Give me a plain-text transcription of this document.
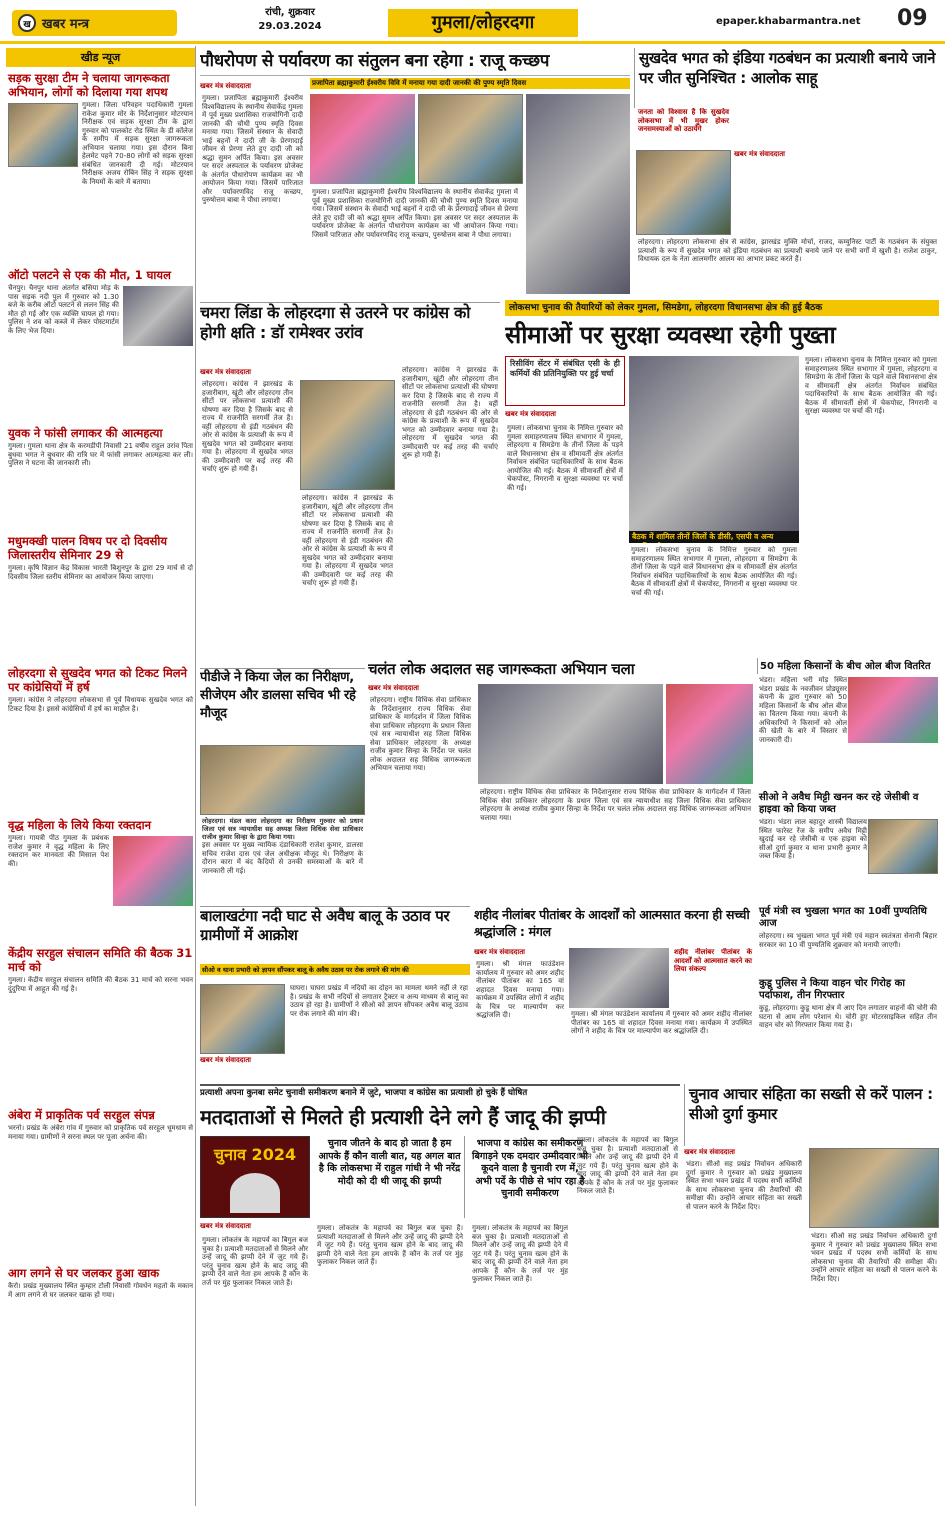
ख खबर मन्त्र
रांची, शुक्रवार
29.03.2024	गुमला/लोहरदगा	epaper.khabarmantra.net	09
खीड न्यूज
सड़क सुरक्षा टीम ने चलाया जागरूकता अभियान, लोगों को दिलाया गया शपथ
गुमला। जिला परिवहन पदाधिकारी गुमला राकेश कुमार मोर के निर्देशानुसार मोटरयान निरीक्षक एवं सड़क सुरक्षा टीम के द्वारा गुरुवार को पालकोट रोड स्थित के डी कॉलेज के समीप में सड़क सुरक्षा जागरूकता अभियान चलाया गया। इस दौरान बिना हेलमेट पहने 70-80 लोगों को सड़क सुरक्षा संबंधित जानकारी दी गई। मोटरयान निरीक्षक अजय रोबिन सिंह ने सड़क सुरक्षा के नियमों के बारे में बताया।
ऑटो पलटने से एक की मौत, 1 घायल
चैनपुर। चैनपुर थाना अंतर्गत बसिया मोड़ के पास सड़क नदी पुल में गुरुवार को 1.30 बजे के करीब ऑटो पलटने से ललन सिंह की मौत हो गई और एक व्यक्ति घायल हो गया। पुलिस ने शव को कब्जे में लेकर पोस्टमार्टम के लिए भेज दिया।
युवक ने फांसी लगाकर की आत्महत्या
गुमला। गुमला थाना क्षेत्र के करमडीपी निवासी 21 वर्षीय राहुल उरांव पिता बुधवा भगत ने बुधवार की रात्रि घर में फांसी लगाकर आत्महत्या कर ली। पुलिस ने घटना की जानकारी ली।
मधुमक्खी पालन विषय पर दो दिवसीय जिलास्तरीय सेमिनार 29 से
गुमला। कृषि विज्ञान केंद्र विकास भारती बिशुनपुर के द्वारा 29 मार्च से दो दिवसीय जिला स्तरीय सेमिनार का आयोजन किया जाएगा।
लोहरदगा से सुखदेव भगत को टिकट मिलने पर कांग्रेसियों में हर्ष
गुमला। कांग्रेस ने लोहरदगा लोकसभा से पूर्व विधायक सुखदेव भगत को टिकट दिया है। इससे कांग्रेसियों में हर्ष का माहौल है।
वृद्ध महिला के लिये किया रक्तदान
गुमला। गायत्री पीठ गुमला के प्रबंधक राजेश कुमार ने वृद्ध महिला के लिए रक्तदान कर मानवता की मिसाल पेश की।
केंद्रीय सरहुल संचालन समिति की बैठक 31 मार्च को
गुमला। केंद्रीय सरहुल संचालन समिति की बैठक 31 मार्च को सरना भवन दुंदुरिया में आहूत की गई है।
अंबेरा में प्राकृतिक पर्व सरहुल संपन्न
भरनो। प्रखंड के अंबेरा गांव में गुरुवार को प्राकृतिक पर्व सरहुल धूमधाम से मनाया गया। ग्रामीणों ने सरना स्थल पर पूजा अर्चना की।
आग लगने से घर जलकर हुआ खाक
कैरो। प्रखंड मुख्यालय स्थित कुम्हार टोली निवासी गोवर्धन महतो के मकान में आग लगने से घर जलकर खाक हो गया।
पौधरोपण से पर्यावरण का संतुलन बना रहेगा : राजू कच्छप
खबर मंत्र संवाददाता
गुमला। प्रजापिता ब्रह्माकुमारी ईश्वरीय विश्वविद्यालय के स्थानीय सेवाकेंद्र गुमला में पूर्व मुख्य प्रशासिका राजयोगिनी दादी जानकी की चौथी पुण्य स्मृति दिवस मनाया गया। जिसमें संस्थान के सेवादी भाई बहनों ने दादी जी के प्रेरणादाई जीवन से प्रेरणा लेते हुए दादी जी को श्रद्धा सुमन अर्पित किया। इस अवसर पर सदर अस्पताल के पर्यावरण प्रोजेक्ट के अंतर्गत पौधारोपण कार्यक्रम का भी आयोजन किया गया। जिसमें पारिजात और पर्यावरणविद राजू कच्छप, पुरुषोत्तम बाबा ने पौधा लगाया।
प्रजापिता ब्रह्माकुमारी ईश्वरीय विवि में मनाया गया दादी जानकी की पुण्य स्मृति दिवस
गुमला। प्रजापिता ब्रह्माकुमारी ईश्वरीय विश्वविद्यालय के स्थानीय सेवाकेंद्र गुमला में पूर्व मुख्य प्रशासिका राजयोगिनी दादी जानकी की चौथी पुण्य स्मृति दिवस मनाया गया। जिसमें संस्थान के सेवादी भाई बहनों ने दादी जी के प्रेरणादाई जीवन से प्रेरणा लेते हुए दादी जी को श्रद्धा सुमन अर्पित किया। इस अवसर पर सदर अस्पताल के पर्यावरण प्रोजेक्ट के अंतर्गत पौधारोपण कार्यक्रम का भी आयोजन किया गया। जिसमें पारिजात और पर्यावरणविद राजू कच्छप, पुरुषोत्तम बाबा ने पौधा लगाया।
सुखदेव भगत को इंडिया गठबंधन का प्रत्याशी बनाये जाने पर जीत सुनिश्चित : आलोक साहू
जनता को विश्वास है कि सुखदेव लोकसभा में भी मुखर होकर जनसमस्याओं को उठायेंगे
खबर मंत्र संवाददाता
लोहरदगा। लोहरदगा लोकसभा क्षेत्र से कांग्रेस, झारखंड मुक्ति मोर्चा, राजद, कम्युनिस्ट पार्टी के गठबंधन के संयुक्त प्रत्याशी के रूप में सुखदेव भगत को इंडिया गठबंधन का प्रत्याशी बनाये जाने पर सभी वर्गों में खुशी है। राजेश ठाकुर, विधायक दल के नेता आलमगीर आलम का आभार प्रकट करते हैं।
लोकसभा चुनाव की तैयारियों को लेकर गुमला, सिमडेगा, लोहरदगा विधानसभा क्षेत्र की हुई बैठक
चमरा लिंडा के लोहरदगा से उतरने पर कांग्रेस को होगी क्षति : डॉ रामेश्वर उरांव
खबर मंत्र संवाददाता
लोहरदगा। कांग्रेस ने झारखंड के हजारीबाग, खूंटी और लोहरदगा तीन सीटों पर लोकसभा प्रत्याशी की घोषणा कर दिया है जिसके बाद से राज्य में राजनीति सरगर्मी तेज है। वहीं लोहरदगा से इंडी गठबंधन की ओर से कांग्रेस के प्रत्याशी के रूप में सुखदेव भगत को उम्मीदवार बनाया गया है। लोहरदगा में सुखदेव भगत की उम्मीदवारी पर कई तरह की चर्चाएं शुरू हो गयी हैं।
लोहरदगा। कांग्रेस ने झारखंड के हजारीबाग, खूंटी और लोहरदगा तीन सीटों पर लोकसभा प्रत्याशी की घोषणा कर दिया है जिसके बाद से राज्य में राजनीति सरगर्मी तेज है। वहीं लोहरदगा से इंडी गठबंधन की ओर से कांग्रेस के प्रत्याशी के रूप में सुखदेव भगत को उम्मीदवार बनाया गया है। लोहरदगा में सुखदेव भगत की उम्मीदवारी पर कई तरह की चर्चाएं शुरू हो गयी हैं।
लोहरदगा। कांग्रेस ने झारखंड के हजारीबाग, खूंटी और लोहरदगा तीन सीटों पर लोकसभा प्रत्याशी की घोषणा कर दिया है जिसके बाद से राज्य में राजनीति सरगर्मी तेज है। वहीं लोहरदगा से इंडी गठबंधन की ओर से कांग्रेस के प्रत्याशी के रूप में सुखदेव भगत को उम्मीदवार बनाया गया है। लोहरदगा में सुखदेव भगत की उम्मीदवारी पर कई तरह की चर्चाएं शुरू हो गयी हैं।
सीमाओं पर सुरक्षा व्यवस्था रहेगी पुख्ता
रिसीविंग सेंटर में संबंधित एसी के ही कर्मियों की प्रतिनियुक्ति पर हुई चर्चा
बैठक में शामिल तीनों जिलों के डीसी, एसपी व अन्य
खबर मंत्र संवाददाता
गुमला। लोकसभा चुनाव के निमित्त गुरुवार को गुमला समाहरणालय स्थित सभागार में गुमला, लोहरदगा व सिमडेगा के तीनों जिला के पड़ने वाले विधानसभा क्षेत्र व सीमावर्ती क्षेत्र अंतर्गत निर्वाचन संबंधित पदाधिकारियों के साथ बैठक आयोजित की गई। बैठक में सीमावर्ती क्षेत्रों में चेकपोस्ट, निगरानी व सुरक्षा व्यवस्था पर चर्चा की गई।
गुमला। लोकसभा चुनाव के निमित्त गुरुवार को गुमला समाहरणालय स्थित सभागार में गुमला, लोहरदगा व सिमडेगा के तीनों जिला के पड़ने वाले विधानसभा क्षेत्र व सीमावर्ती क्षेत्र अंतर्गत निर्वाचन संबंधित पदाधिकारियों के साथ बैठक आयोजित की गई। बैठक में सीमावर्ती क्षेत्रों में चेकपोस्ट, निगरानी व सुरक्षा व्यवस्था पर चर्चा की गई।
गुमला। लोकसभा चुनाव के निमित्त गुरुवार को गुमला समाहरणालय स्थित सभागार में गुमला, लोहरदगा व सिमडेगा के तीनों जिला के पड़ने वाले विधानसभा क्षेत्र व सीमावर्ती क्षेत्र अंतर्गत निर्वाचन संबंधित पदाधिकारियों के साथ बैठक आयोजित की गई। बैठक में सीमावर्ती क्षेत्रों में चेकपोस्ट, निगरानी व सुरक्षा व्यवस्था पर चर्चा की गई।
पीडीजे ने किया जेल का निरीक्षण, सीजेएम और डालसा सचिव भी रहे मौजूद
लोहरदगा। मंडल कारा लोहरदगा का निरीक्षण गुरुवार को प्रधान जिला एवं सत्र न्यायाधीश सह अध्यक्ष जिला विधिक सेवा प्राधिकार राजीव कुमार सिन्हा के द्वारा किया गया।
इस अवसर पर मुख्य न्यायिक दंडाधिकारी राजेश कुमार, डालसा सचिव राजेश दास एवं जेल अधीक्षक मौजूद थे। निरीक्षण के दौरान कारा में बंद कैदियों से उनकी समस्याओं के बारे में जानकारी ली गई।
चलंत लोक अदालत सह जागरूकता अभियान चला
खबर मंत्र संवाददाता
लोहरदगा। राष्ट्रीय विधिक सेवा प्राधिकार के निर्देशानुसार राज्य विधिक सेवा प्राधिकार के मार्गदर्शन में जिला विधिक सेवा प्राधिकार लोहरदगा के प्रधान जिला एवं सत्र न्यायाधीश सह जिला विधिक सेवा प्राधिकार लोहरदगा के अध्यक्ष राजीव कुमार सिन्हा के निर्देश पर चलंत लोक अदालत सह विधिक जागरूकता अभियान चलाया गया।
लोहरदगा। राष्ट्रीय विधिक सेवा प्राधिकार के निर्देशानुसार राज्य विधिक सेवा प्राधिकार के मार्गदर्शन में जिला विधिक सेवा प्राधिकार लोहरदगा के प्रधान जिला एवं सत्र न्यायाधीश सह जिला विधिक सेवा प्राधिकार लोहरदगा के अध्यक्ष राजीव कुमार सिन्हा के निर्देश पर चलंत लोक अदालत सह विधिक जागरूकता अभियान चलाया गया।
50 महिला किसानों के बीच ओल बीज वितरित
भंडरा। महिला भरी मोड़ स्थित भंडरा प्रखंड के नवजीवन प्रोड्यूसर कंपनी के द्वारा गुरुवार को 50 महिला किसानों के बीच ओल बीज का वितरण किया गया। कंपनी के अधिकारियों ने किसानों को ओल की खेती के बारे में विस्तार से जानकारी दी।
सीओ ने अवैध मिट्टी खनन कर रहे जेसीबी व हाइवा को किया जब्त
भंडरा। भंडरा लाल बहादुर शास्त्री विद्यालय स्थित फारेस्ट रेंज के समीप अवैध मिट्टी खुदाई कर रहे जेसीबी व एक हाइवा को सीओ दुर्गा कुमार व थाना प्रभारी कुमार ने जब्त किया है।
पूर्व मंत्री स्व भुखला भगत का 10वीं पुण्यतिथि आज
लोहरदगा। स्व भुखला भगत पूर्व मंत्री एवं महान स्वतंत्रता सेनानी बिहार सरकार का 10 वीं पुण्यतिथि शुक्रवार को मनायी जाएगी।
कुडू पुलिस ने किया वाहन चोर गिरोह का पर्दाफाश, तीन गिरफ्तार
कुडू, लोहरदगा। कुडू थाना क्षेत्र में आए दिन लगातार वाहनों की चोरी की घटना से आम लोग परेशान थे। चोरी हुए मोटरसाइकिल सहित तीन वाहन चोर को गिरफ्तार किया गया है।
बालाखटंगा नदी घाट से अवैध बालू के उठाव पर ग्रामीणों में आक्रोश
सीओ व थाना प्रभारी को ज्ञापन सौंपकर बालू के अवैध उठाव पर रोक लगाने की मांग की
खबर मंत्र संवाददाता
घाघरा। घाघरा प्रखंड में नदियों का दोहन का मामला थमने नहीं ले रहा है। प्रखंड के सभी नदियों से लगातार ट्रैक्टर व अन्य माध्यम से बालू का उठाव हो रहा है। ग्रामीणों ने सीओ को ज्ञापन सौंपकर अवैध बालू उठाव पर रोक लगाने की मांग की।
शहीद नीलांबर पीतांबर के आदर्शों को आत्मसात करना ही सच्ची श्रद्धांजलि : मंगल
खबर मंत्र संवाददाता	शहीद नीलांबर पीतांबर के आदर्शों को आत्मसात करने का लिया संकल्प
गुमला। श्री मंगल फाउंडेशन कार्यालय में गुरुवार को अमर शहीद नीलांबर पीतांबर का 165 वां शहादत दिवस मनाया गया। कार्यक्रम में उपस्थित लोगों ने शहीद के चित्र पर माल्यार्पण कर श्रद्धांजलि दी।	गुमला। श्री मंगल फाउंडेशन कार्यालय में गुरुवार को अमर शहीद नीलांबर पीतांबर का 165 वां शहादत दिवस मनाया गया। कार्यक्रम में उपस्थित लोगों ने शहीद के चित्र पर माल्यार्पण कर श्रद्धांजलि दी।
प्रत्याशी अपना कुनबा समेट चुनावी समीकरण बनाने में जुटे, भाजपा व कांग्रेस का प्रत्याशी हो चुके हैं घोषित
मतदाताओं से मिलते ही प्रत्याशी देने लगे हैं जादू की झप्पी
चुनाव 2024
चुनाव जीतने के बाद हो जाता है हम आपके हैं कौन वाली बात, यह अगल बात है कि लोकसभा में राहुल गांधी ने भी नरेंद्र मोदी को दी थी जादू की झप्पी
भाजपा व कांग्रेस का समीकरण बिगाड़ने एक दमदार उम्मीदवार भी कूदने वाला है चुनावी रण में, अभी पर्दे के पीछे से भांप रहा है चुनावी समीकरण
खबर मंत्र संवाददाता
गुमला। लोकतंत्र के महापर्व का बिगुल बज चुका है। प्रत्याशी मतदाताओं से मिलने और उन्हें जादू की झप्पी देने में जुट गये हैं। परंतु चुनाव खत्म होने के बाद जादू की झप्पी देने वाले नेता हम आपके हैं कौन के तर्ज पर मुंह फुलाकर निकल जाते हैं।
गुमला। लोकतंत्र के महापर्व का बिगुल बज चुका है। प्रत्याशी मतदाताओं से मिलने और उन्हें जादू की झप्पी देने में जुट गये हैं। परंतु चुनाव खत्म होने के बाद जादू की झप्पी देने वाले नेता हम आपके हैं कौन के तर्ज पर मुंह फुलाकर निकल जाते हैं।
गुमला। लोकतंत्र के महापर्व का बिगुल बज चुका है। प्रत्याशी मतदाताओं से मिलने और उन्हें जादू की झप्पी देने में जुट गये हैं। परंतु चुनाव खत्म होने के बाद जादू की झप्पी देने वाले नेता हम आपके हैं कौन के तर्ज पर मुंह फुलाकर निकल जाते हैं।
गुमला। लोकतंत्र के महापर्व का बिगुल बज चुका है। प्रत्याशी मतदाताओं से मिलने और उन्हें जादू की झप्पी देने में जुट गये हैं। परंतु चुनाव खत्म होने के बाद जादू की झप्पी देने वाले नेता हम आपके हैं कौन के तर्ज पर मुंह फुलाकर निकल जाते हैं।
चुनाव आचार संहिता का सख्ती से करें पालन : सीओ दुर्गा कुमार
खबर मंत्र संवाददाता
भंडरा। सीओ सह प्रखंड निर्वाचन अधिकारी दुर्गा कुमार ने गुरुवार को प्रखंड मुख्यालय स्थित सभा भवन प्रखंड में पदस्थ सभी कर्मियों के साथ लोकसभा चुनाव की तैयारियों की समीक्षा की। उन्होंने आचार संहिता का सख्ती से पालन करने के निर्देश दिए।
भंडरा। सीओ सह प्रखंड निर्वाचन अधिकारी दुर्गा कुमार ने गुरुवार को प्रखंड मुख्यालय स्थित सभा भवन प्रखंड में पदस्थ सभी कर्मियों के साथ लोकसभा चुनाव की तैयारियों की समीक्षा की। उन्होंने आचार संहिता का सख्ती से पालन करने के निर्देश दिए।
